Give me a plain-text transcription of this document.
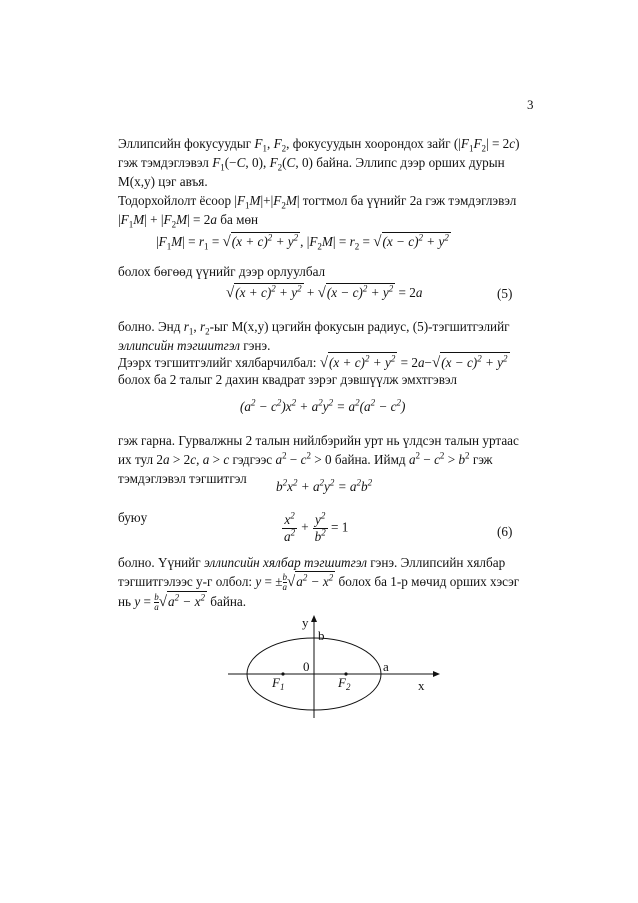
3
Эллипсийн фокусуудыг $F_1$, $F_2$, фокусуудын хоорондох зайг $(|F_1F_2| = 2c)$
гэж тэмдэглэвэл $F_1(-C$, 0), $F_2(C$, 0) байна. Эллипс дээр орших дурын
M(x,y) цэг авъя.
Тодорхойлолт ёсоор $|F_1M|+|F_2M|$ тогтмол ба үүнийг 2a гэж тэмдэглэвэл
$|F_1M| + |F_2M| = 2a$ ба мөн
$|F_1M| = r_1 = √(x + c)^2 + y^2$ , $|F_2M| = r_2 = √(x - c)^2 + y^2$
болох бөгөөд үүнийг дээр орлуулбал
$√(x + c)^2 + y^2 + √(x - c)^2 + y^2 = 2a$	(5)
болно. Энд $r_1$, $r_2-ыг$ M(x,y) цэгийн фокусын радиус, (5)-тэгшитгэлийг
эллипсийн тэгшитгэл гэнэ.
Дээрх тэгшитгэлийг хялбарчилбал: $√(x + c)^2 + y^2 = 2a-√(x - c)^2 + y^2$
болох ба 2 талыг 2 дахин квадрат зэрэг дэвшүүлж эмхтгэвэл
$(a^2 - c^2)x^2 + a^2y^2 = a^2(a^2 - c^2)$
гэж гарна. Гурвалжны 2 талын нийлбэрийн урт нь үлдсэн талын уртаас
их тул 2a > 2c, a > c гэдгээс $a^2 - c^2 > 0$ байна. Иймд $a^2 - c^2 > b^2$ гэж
тэмдэглэвэл тэгшитгэл
$b^2x^2 + a^2y^2 = a^2b^2$
буюу	$\frac{x^2}{a^2} + \frac{y^2}{b^2} = 1$	(6)
болно. Үүнийг эллипсийн хялбар тэгшитгэл гэнэ. Эллипсийн хялбар
тэгшитгэлээс y-г олбол: y = ± $\frac{b}{a} √a^2 - x^2$ болох ба 1-р мөчид орших хэсэг
нь $y = \frac{b}{a} √a^2 - x^2$ байна.
y
b
0	a
x
$F_1$	$F_2$
